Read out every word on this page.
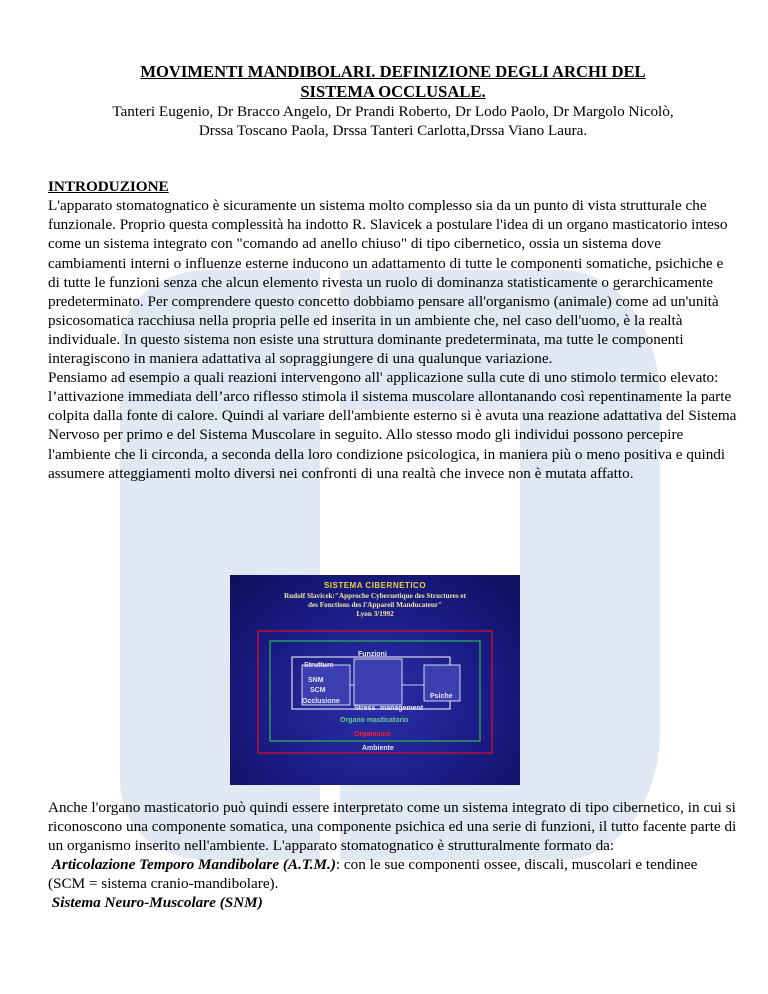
MOVIMENTI MANDIBOLARI. DEFINIZIONE DEGLI ARCHI DEL

SISTEMA OCCLUSALE.

Tanteri Eugenio, Dr Bracco Angelo, Dr Prandi Roberto, Dr Lodo Paolo, Dr Margolo Nicolò,

Drssa Toscano Paola, Drssa Tanteri Carlotta,Drssa Viano Laura.

INTRODUZIONE

L'apparato stomatognatico è sicuramente un sistema molto complesso sia da un punto di vista strutturale che funzionale. Proprio questa complessità ha indotto R. Slavicek a postulare l'idea di un organo masticatorio inteso come un sistema integrato con "comando ad anello chiuso" di tipo cibernetico, ossia un sistema dove cambiamenti interni o influenze esterne inducono un adattamento di tutte le componenti somatiche, psichiche e di tutte le funzioni senza che alcun elemento rivesta un ruolo di dominanza statisticamente o gerarchicamente predeterminato. Per comprendere questo concetto dobbiamo pensare all'organismo (animale) come ad un'unità psicosomatica racchiusa nella propria pelle ed inserita in un ambiente che, nel caso dell'uomo, è la realtà individuale. In questo sistema non esiste una struttura dominante predeterminata, ma tutte le componenti interagiscono in maniera adattativa al sopraggiungere di una qualunque variazione.

Pensiamo ad esempio a quali reazioni intervengono all' applicazione sulla cute di uno stimolo termico elevato: l’attivazione immediata dell’arco riflesso stimola il sistema muscolare allontanando così repentinamente la parte colpita dalla fonte di calore. Quindi al variare dell'ambiente esterno si è avuta una reazione adattativa del Sistema Nervoso per primo e del Sistema Muscolare in seguito. Allo stesso modo gli individui possono percepire l'ambiente che li circonda, a seconda della loro condizione psicologica, in maniera più o meno positiva e quindi assumere atteggiamenti molto diversi nei confronti di una realtà che invece non è mutata affatto.

SISTEMA CIBERNETICO
Rudolf Slavicek:"Approche Cybernetique des Structures et
des Fonctions des l'Appareil Manducateur"
Lyon 3/1992
Funzioni
Strutture
SNM
SCM
Occlusione
Psiche
Stress management
Organo masticatorio
Organismo
Ambiente

Anche l'organo masticatorio può quindi essere interpretato come un sistema integrato di tipo cibernetico, in cui si riconoscono una componente somatica, una componente psichica ed una serie di funzioni, il tutto facente parte di un organismo inserito nell'ambiente. L'apparato stomatognatico è strutturalmente formato da:

Articolazione Temporo Mandibolare (A.T.M.): con le sue componenti ossee, discali, muscolari e tendinee (SCM = sistema cranio-mandibolare).

Sistema Neuro-Muscolare (SNM)
